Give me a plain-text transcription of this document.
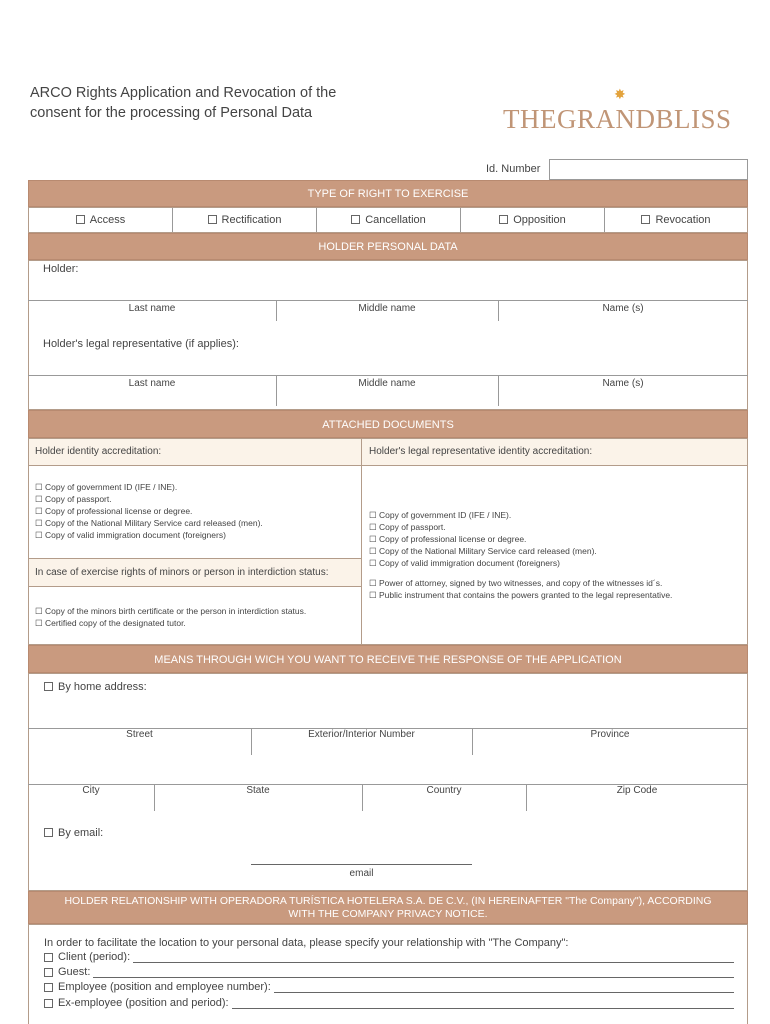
ARCO Rights Application and Revocation of the
consent for the processing of Personal Data
✸
THEGRANDBLISS
Id. Number
TYPE OF RIGHT TO EXERCISE
Access	Rectification	Cancellation	Opposition	Revocation
HOLDER PERSONAL DATA
Holder:
Last name	Middle name	Name (s)
Holder's legal representative (if applies):
Last name	Middle name	Name (s)
ATTACHED DOCUMENTS
Holder identity accreditation:	Holder's legal representative identity accreditation:
☐ Copy of government ID (IFE / INE).
☐ Copy of passport.
☐ Copy of professional license or degree.
☐ Copy of the National Military Service card released (men).
☐ Copy of valid immigration document (foreigners)
In case of exercise rights of minors or person in interdiction status:
☐ Copy of the minors birth certificate or the person in interdiction status.
☐ Certified copy of the designated tutor.
☐ Copy of government ID (IFE / INE).
☐ Copy of passport.
☐ Copy of professional license or degree.
☐ Copy of the National Military Service card released (men).
☐ Copy of valid immigration document (foreigners)
☐ Power of attorney, signed by two witnesses, and copy of the witnesses id´s.
☐ Public instrument that contains the powers granted to the legal representative.
MEANS THROUGH WICH YOU WANT TO RECEIVE THE RESPONSE OF THE APPLICATION
By home address:
Street	Exterior/Interior Number	Province
City	State	Country	Zip Code
By email:
email
HOLDER RELATIONSHIP WITH OPERADORA TURÍSTICA HOTELERA S.A. DE C.V., (IN HEREINAFTER "The Company"), ACCORDING
WITH THE COMPANY PRIVACY NOTICE.
In order to facilitate the location to your personal data, please specify your relationship with "The Company":
Client (period):
Guest:
Employee (position and employee number):
Ex-employee (position and period):
